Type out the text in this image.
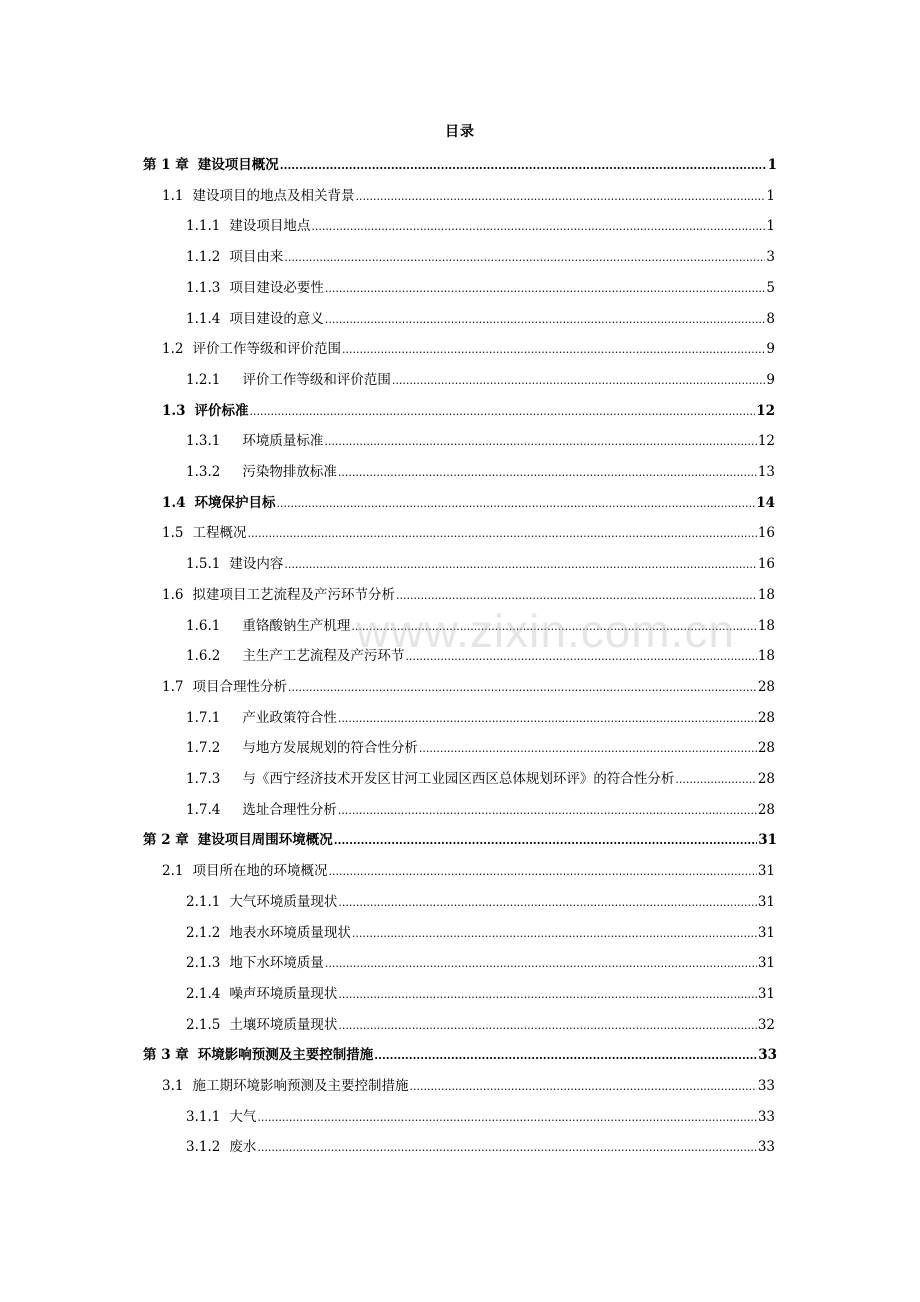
目录
第 1 章 建设项目概况 .....	1
1.1 建设项目的地点及相关背景 .....	1
1.1.1 建设项目地点 .....	1
1.1.2 项目由来 .....	3
1.1.3 项目建设必要性 .....	5
1.1.4 项目建设的意义 .....	8
1.2 评价工作等级和评价范围 .....	9
1.2.1 评价工作等级和评价范围 .....	9
1.3 评价标准 .....	12
1.3.1 环境质量标准 .....	12
1.3.2 污染物排放标准 .....	13
1.4 环境保护目标 .....	14
1.5 工程概况 .....	16
1.5.1 建设内容 .....	16
1.6 拟建项目工艺流程及产污环节分析 .....	18
1.6.1 重铬酸钠生产机理 .....	18
1.6.2 主生产工艺流程及产污环节 .....	18
1.7 项目合理性分析 .....	28
1.7.1 产业政策符合性 .....	28
1.7.2 与地方发展规划的符合性分析 .....	28
1.7.3 与《西宁经济技术开发区甘河工业园区西区总体规划环评》的符合性分析 .....	28
1.7.4 选址合理性分析 .....	28
第 2 章 建设项目周围环境概况 .....	31
2.1 项目所在地的环境概况 .....	31
2.1.1 大气环境质量现状 .....	31
2.1.2 地表水环境质量现状 .....	31
2.1.3 地下水环境质量 .....	31
2.1.4 噪声环境质量现状 .....	31
2.1.5 土壤环境质量现状 .....	32
第 3 章 环境影响预测及主要控制措施 .....	33
3.1 施工期环境影响预测及主要控制措施 .....	33
3.1.1 大气 .....	33
3.1.2 废水 .....	33
www.zixin.com.cn
